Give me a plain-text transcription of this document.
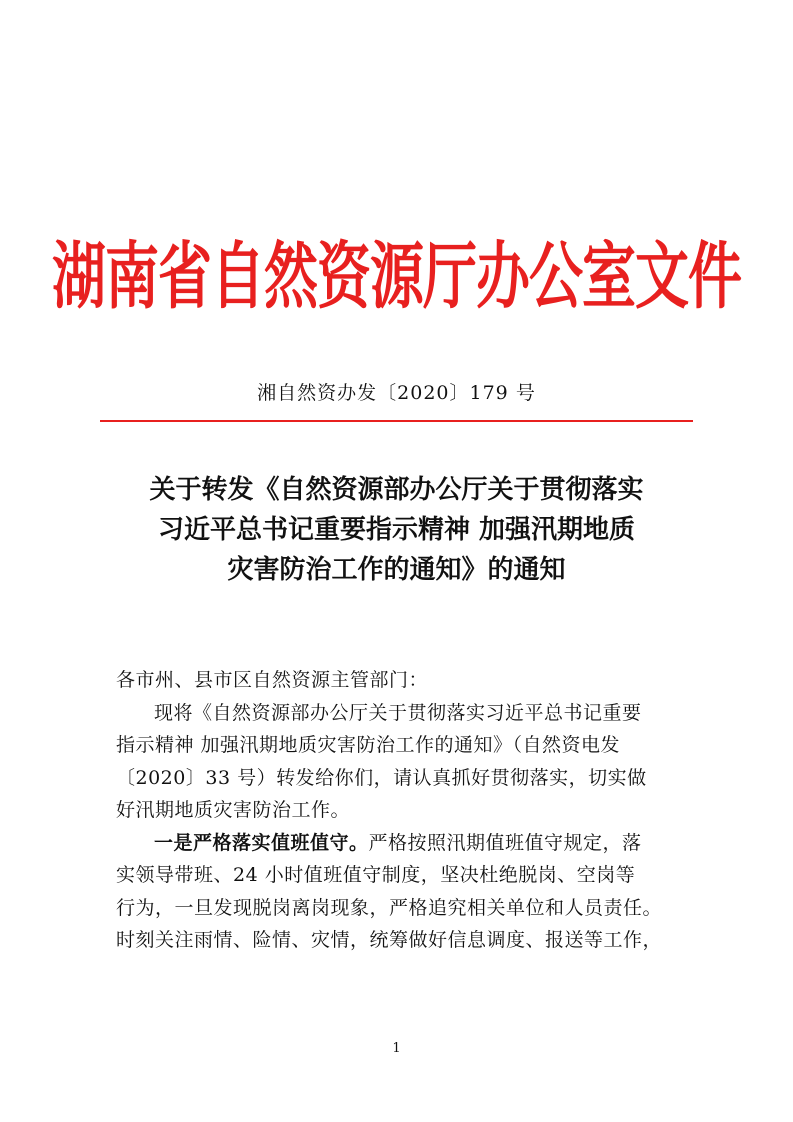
湖南省自然资源厅办公室文件
湘自然资办发〔2020〕179 号
关于转发《自然资源部办公厅关于贯彻落实
习近平总书记重要指示精神 加强汛期地质
灾害防治工作的通知》的通知
各市州、县市区自然资源主管部门：
现将《自然资源部办公厅关于贯彻落实习近平总书记重要
指示精神 加强汛期地质灾害防治工作的通知》（自然资电发
〔2020〕33 号）转发给你们，请认真抓好贯彻落实，切实做
好汛期地质灾害防治工作。
一是严格落实值班值守。严格按照汛期值班值守规定，落
实领导带班、24 小时值班值守制度，坚决杜绝脱岗、空岗等
行为，一旦发现脱岗离岗现象，严格追究相关单位和人员责任。
时刻关注雨情、险情、灾情，统筹做好信息调度、报送等工作，
1
